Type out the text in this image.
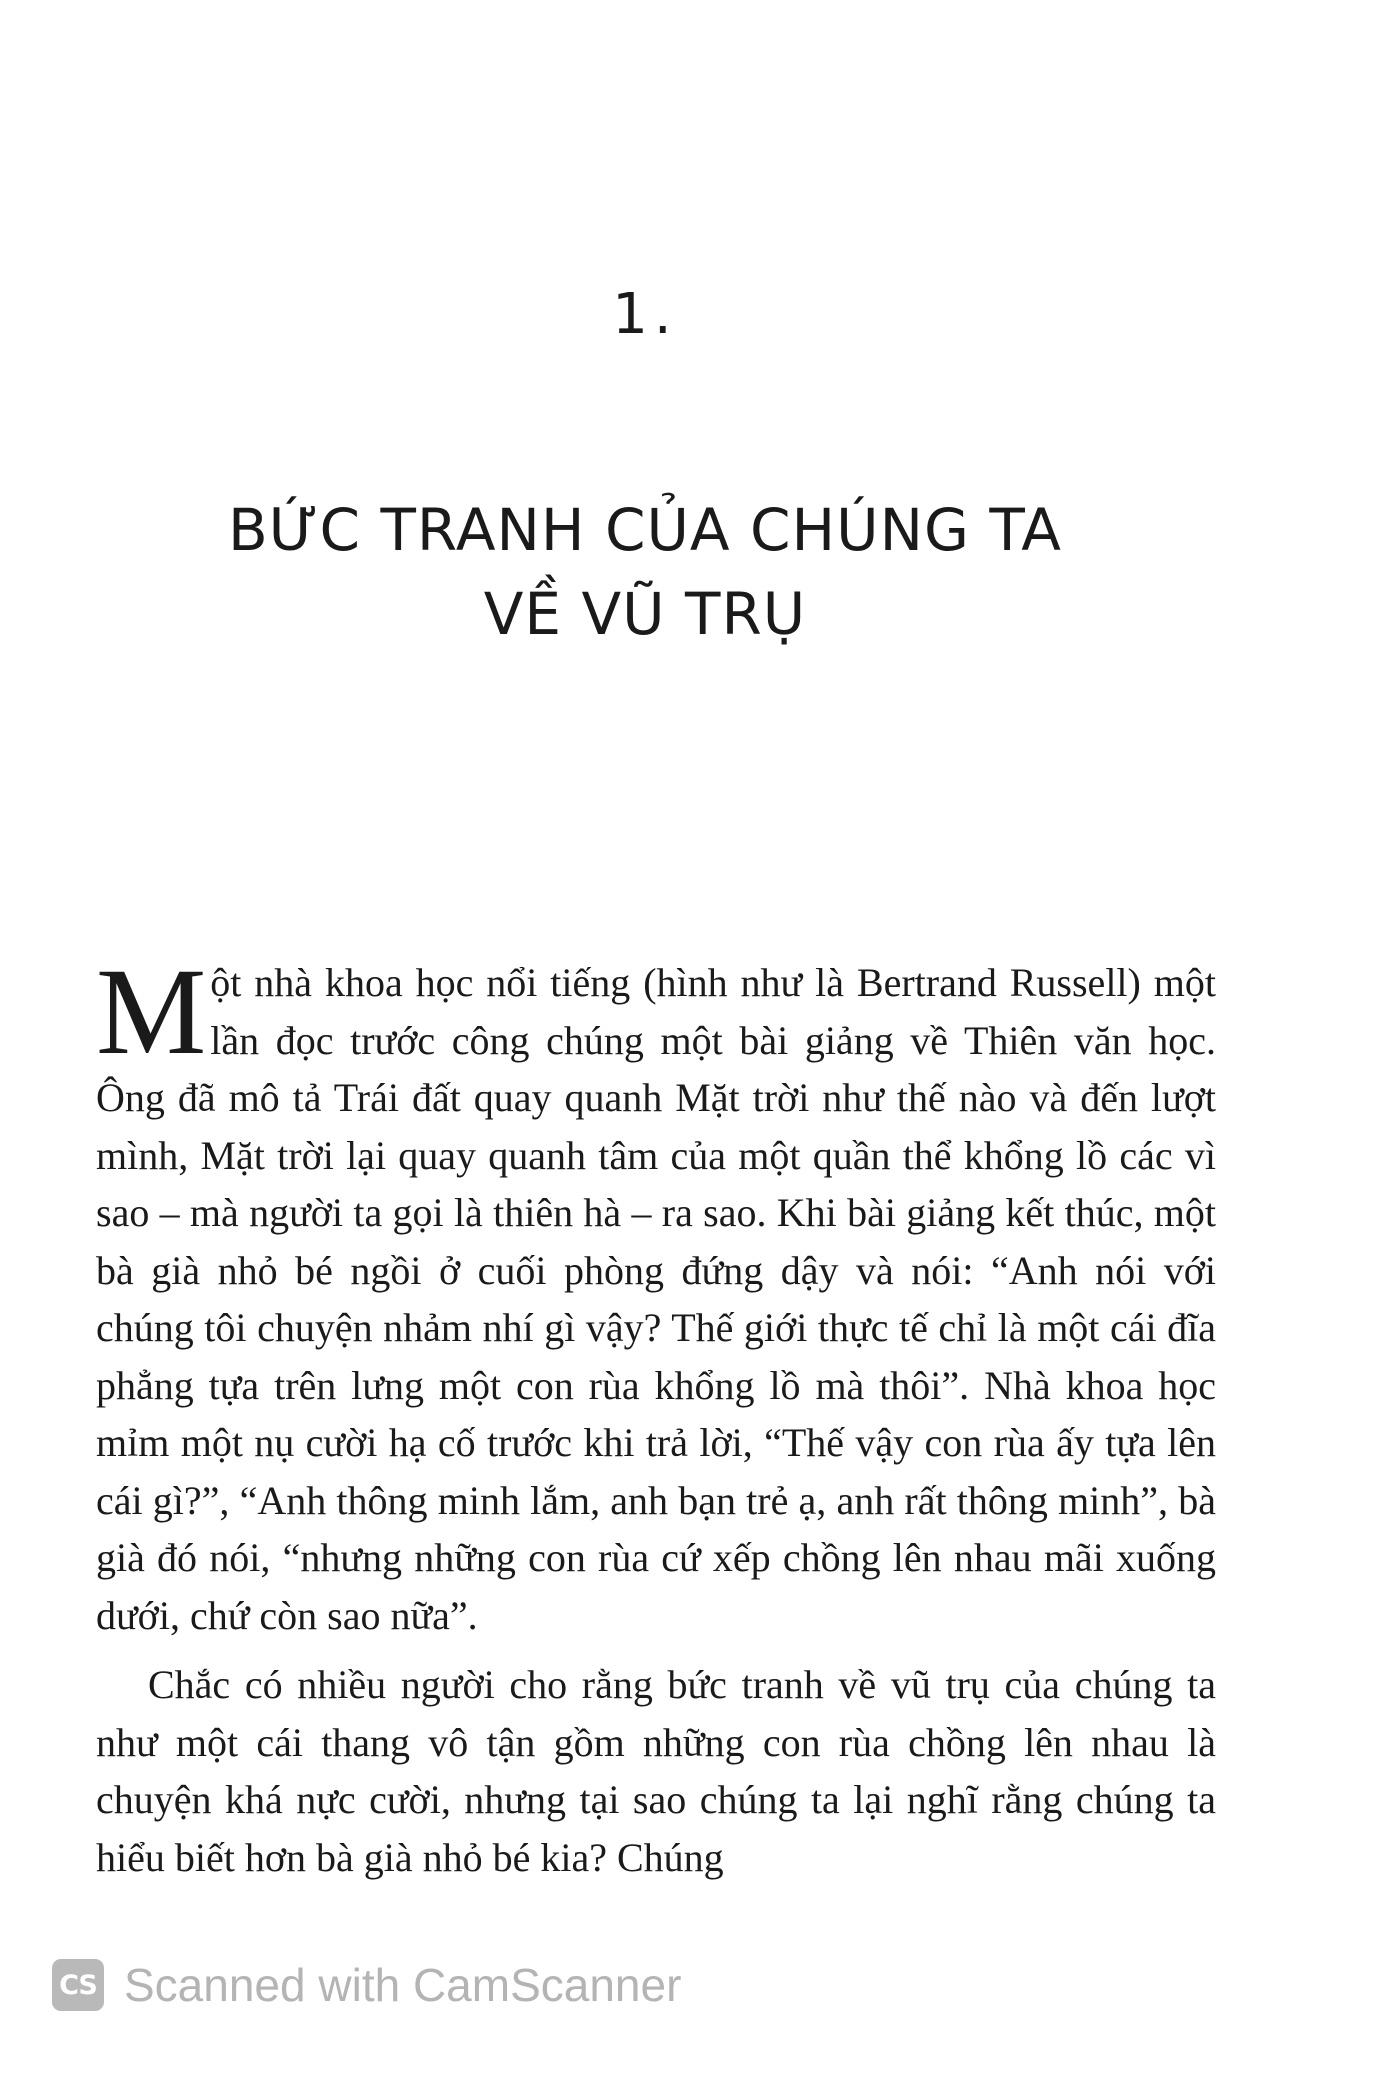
1.
BỨC TRANH CỦA CHÚNG TA
VỀ VŨ TRỤ

Một nhà khoa học nổi tiếng (hình như là Bertrand Russell) một lần đọc trước công chúng một bài giảng về Thiên văn học. Ông đã mô tả Trái đất quay quanh Mặt trời như thế nào và đến lượt mình, Mặt trời lại quay quanh tâm của một quần thể khổng lồ các vì sao – mà người ta gọi là thiên hà – ra sao. Khi bài giảng kết thúc, một bà già nhỏ bé ngồi ở cuối phòng đứng dậy và nói: “Anh nói với chúng tôi chuyện nhảm nhí gì vậy? Thế giới thực tế chỉ là một cái đĩa phẳng tựa trên lưng một con rùa khổng lồ mà thôi”. Nhà khoa học mỉm một nụ cười hạ cố trước khi trả lời, “Thế vậy con rùa ấy tựa lên cái gì?”, “Anh thông minh lắm, anh bạn trẻ ạ, anh rất thông minh”, bà già đó nói, “nhưng những con rùa cứ xếp chồng lên nhau mãi xuống dưới, chứ còn sao nữa”.

Chắc có nhiều người cho rằng bức tranh về vũ trụ của chúng ta như một cái thang vô tận gồm những con rùa chồng lên nhau là chuyện khá nực cười, nhưng tại sao chúng ta lại nghĩ rằng chúng ta hiểu biết hơn bà già nhỏ bé kia? Chúng

CS Scanned with CamScanner
